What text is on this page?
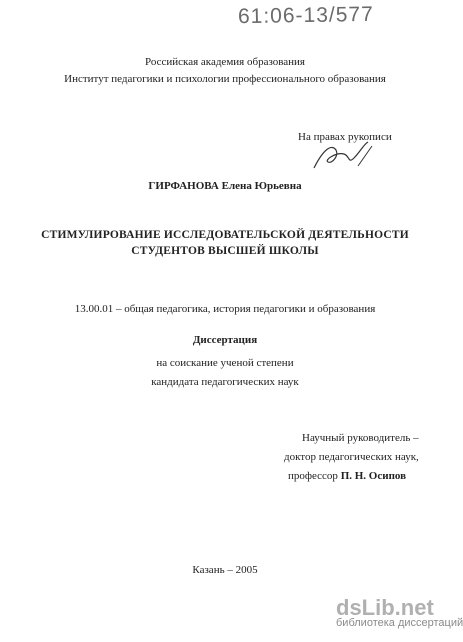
61:06-13/577
Российская академия образования
Институт педагогики и психологии профессионального образования
На правах рукописи
ГИРФАНОВА Елена Юрьевна
СТИМУЛИРОВАНИЕ ИССЛЕДОВАТЕЛЬСКОЙ ДЕЯТЕЛЬНОСТИ
СТУДЕНТОВ ВЫСШЕЙ ШКОЛЫ
13.00.01 – общая педагогика, история педагогики и образования
Диссертация
на соискание ученой степени
кандидата педагогических наук
Научный руководитель –
доктор педагогических наук,
профессор П. Н. Осипов
Казань – 2005
dsLib.net
библиотека диссертаций
